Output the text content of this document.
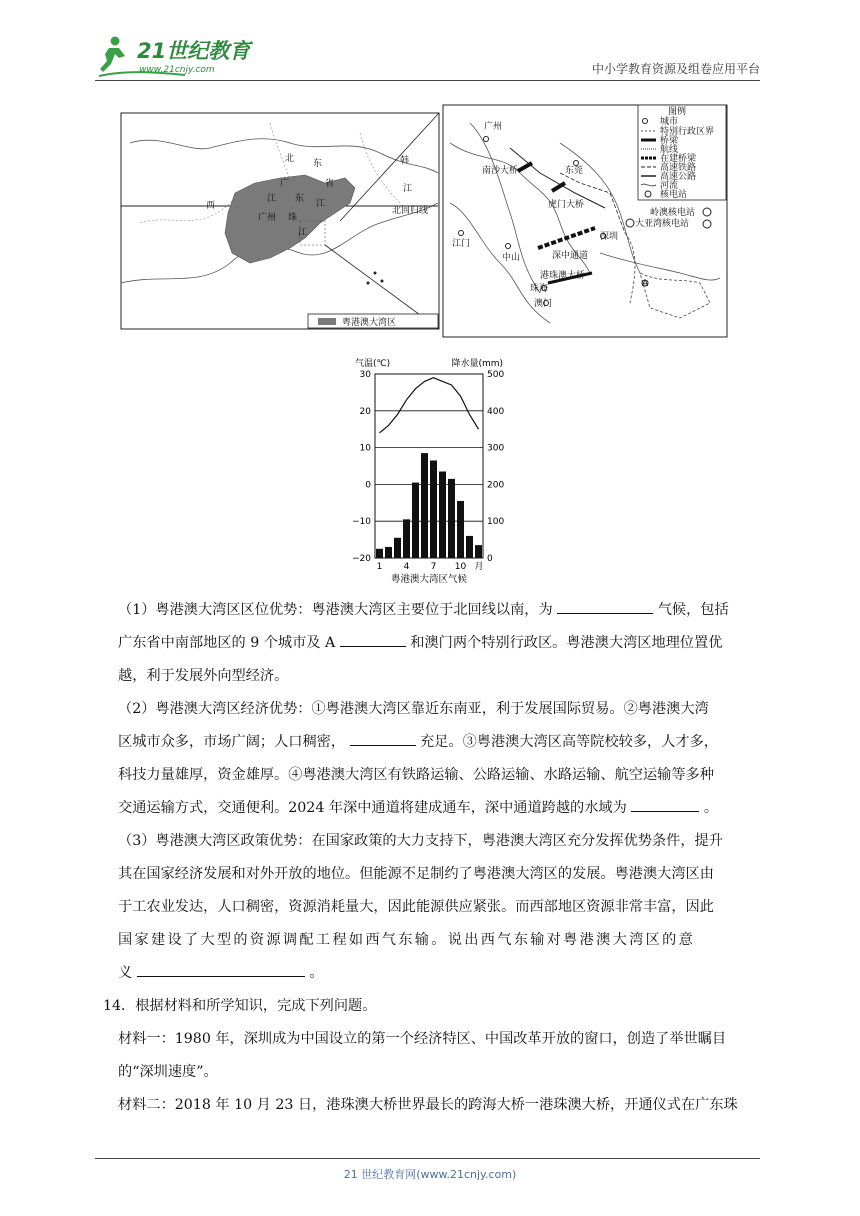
21世纪教育
www.21cnjy.com	中小学教育资源及组卷应用平台
北 东	韩
广	省	江
西
江 东 江
广州 珠
江
北回归线
粤港澳大湾区
广州
南沙大桥	东莞
虎门大桥
深圳
江门
中山	深中通道
港珠澳大桥
珠海
澳门
A
岭澳核电站
大亚湾核电站
图例
城市
特别行政区界
桥梁
航线
在建桥梁
高速铁路
高速公路
河流
核电站
30
20
10
0
−10
−20
500
400
300
200
100
0
1 4 7 10 月
气温(℃)	降水量(mm)
粤港澳大湾区气候

（1）粤港澳大湾区区位优势：粤港澳大湾区主要位于北回线以南，为	气候，包括

广东省中南部地区的 9 个城市及 A	和澳门两个特别行政区。粤港澳大湾区地理位置优

越，利于发展外向型经济。

（2）粤港澳大湾区经济优势：①粤港澳大湾区靠近东南亚，利于发展国际贸易。②粤港澳大湾

区城市众多，市场广阔；人口稠密，	充足。③粤港澳大湾区高等院校较多，人才多，

科技力量雄厚，资金雄厚。④粤港澳大湾区有铁路运输、公路运输、水路运输、航空运输等多种

交通运输方式，交通便利。2024 年深中通道将建成通车，深中通道跨越的水域为	。

（3）粤港澳大湾区政策优势：在国家政策的大力支持下，粤港澳大湾区充分发挥优势条件，提升

其在国家经济发展和对外开放的地位。但能源不足制约了粤港澳大湾区的发展。粤港澳大湾区由

于工农业发达，人口稠密，资源消耗量大，因此能源供应紧张。而西部地区资源非常丰富，因此

国家建设了大型的资源调配工程如西气东输。说出西气东输对粤港澳大湾区的意

义	。

14．根据材料和所学知识，完成下列问题。

材料一：1980 年，深圳成为中国设立的第一个经济特区、中国改革开放的窗口，创造了举世瞩目

的“深圳速度”。

材料二：2018 年 10 月 23 日，港珠澳大桥世界最长的跨海大桥一港珠澳大桥，开通仪式在广东珠

21 世纪教育网(www.21cnjy.com)
